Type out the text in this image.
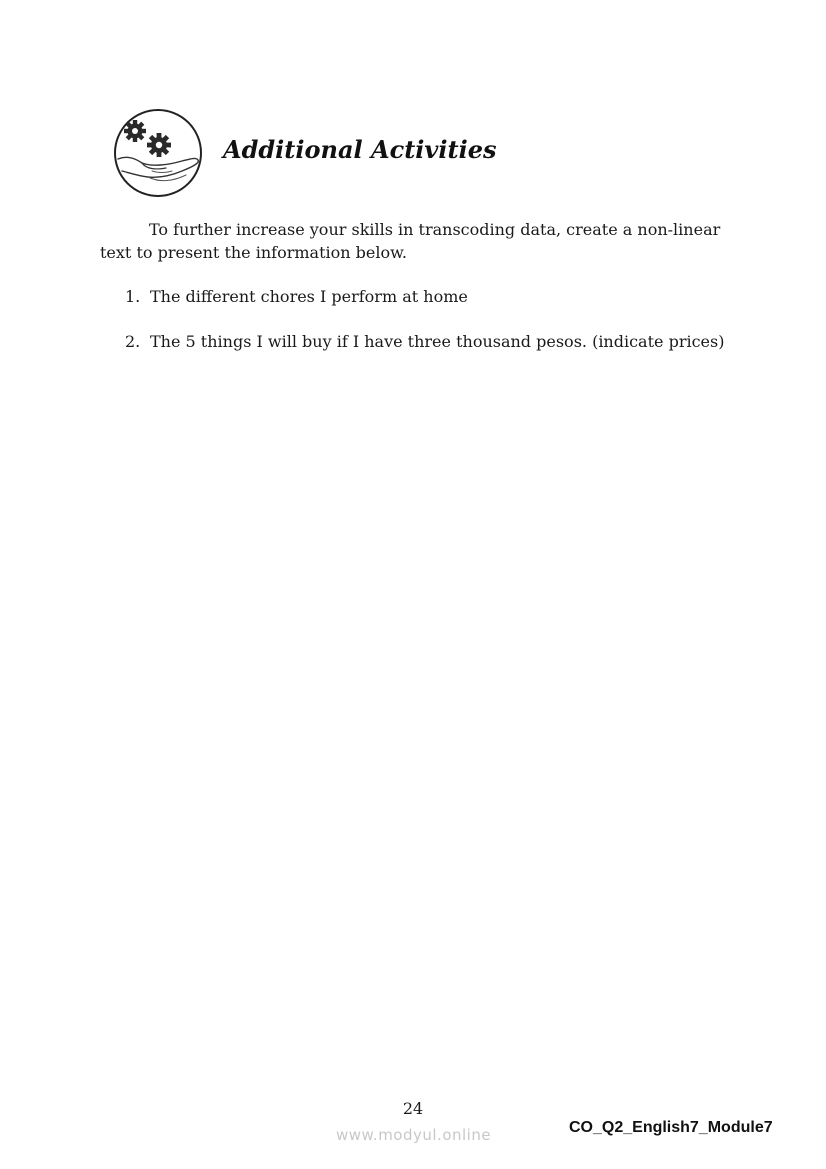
Additional Activities

To further increase your skills in transcoding data, create a non-linear text to present the information below.

1. The different chores I perform at home
2. The 5 things I will buy if I have three thousand pesos. (indicate prices)
24
www.modyul.online	CO_Q2_English7_Module7
